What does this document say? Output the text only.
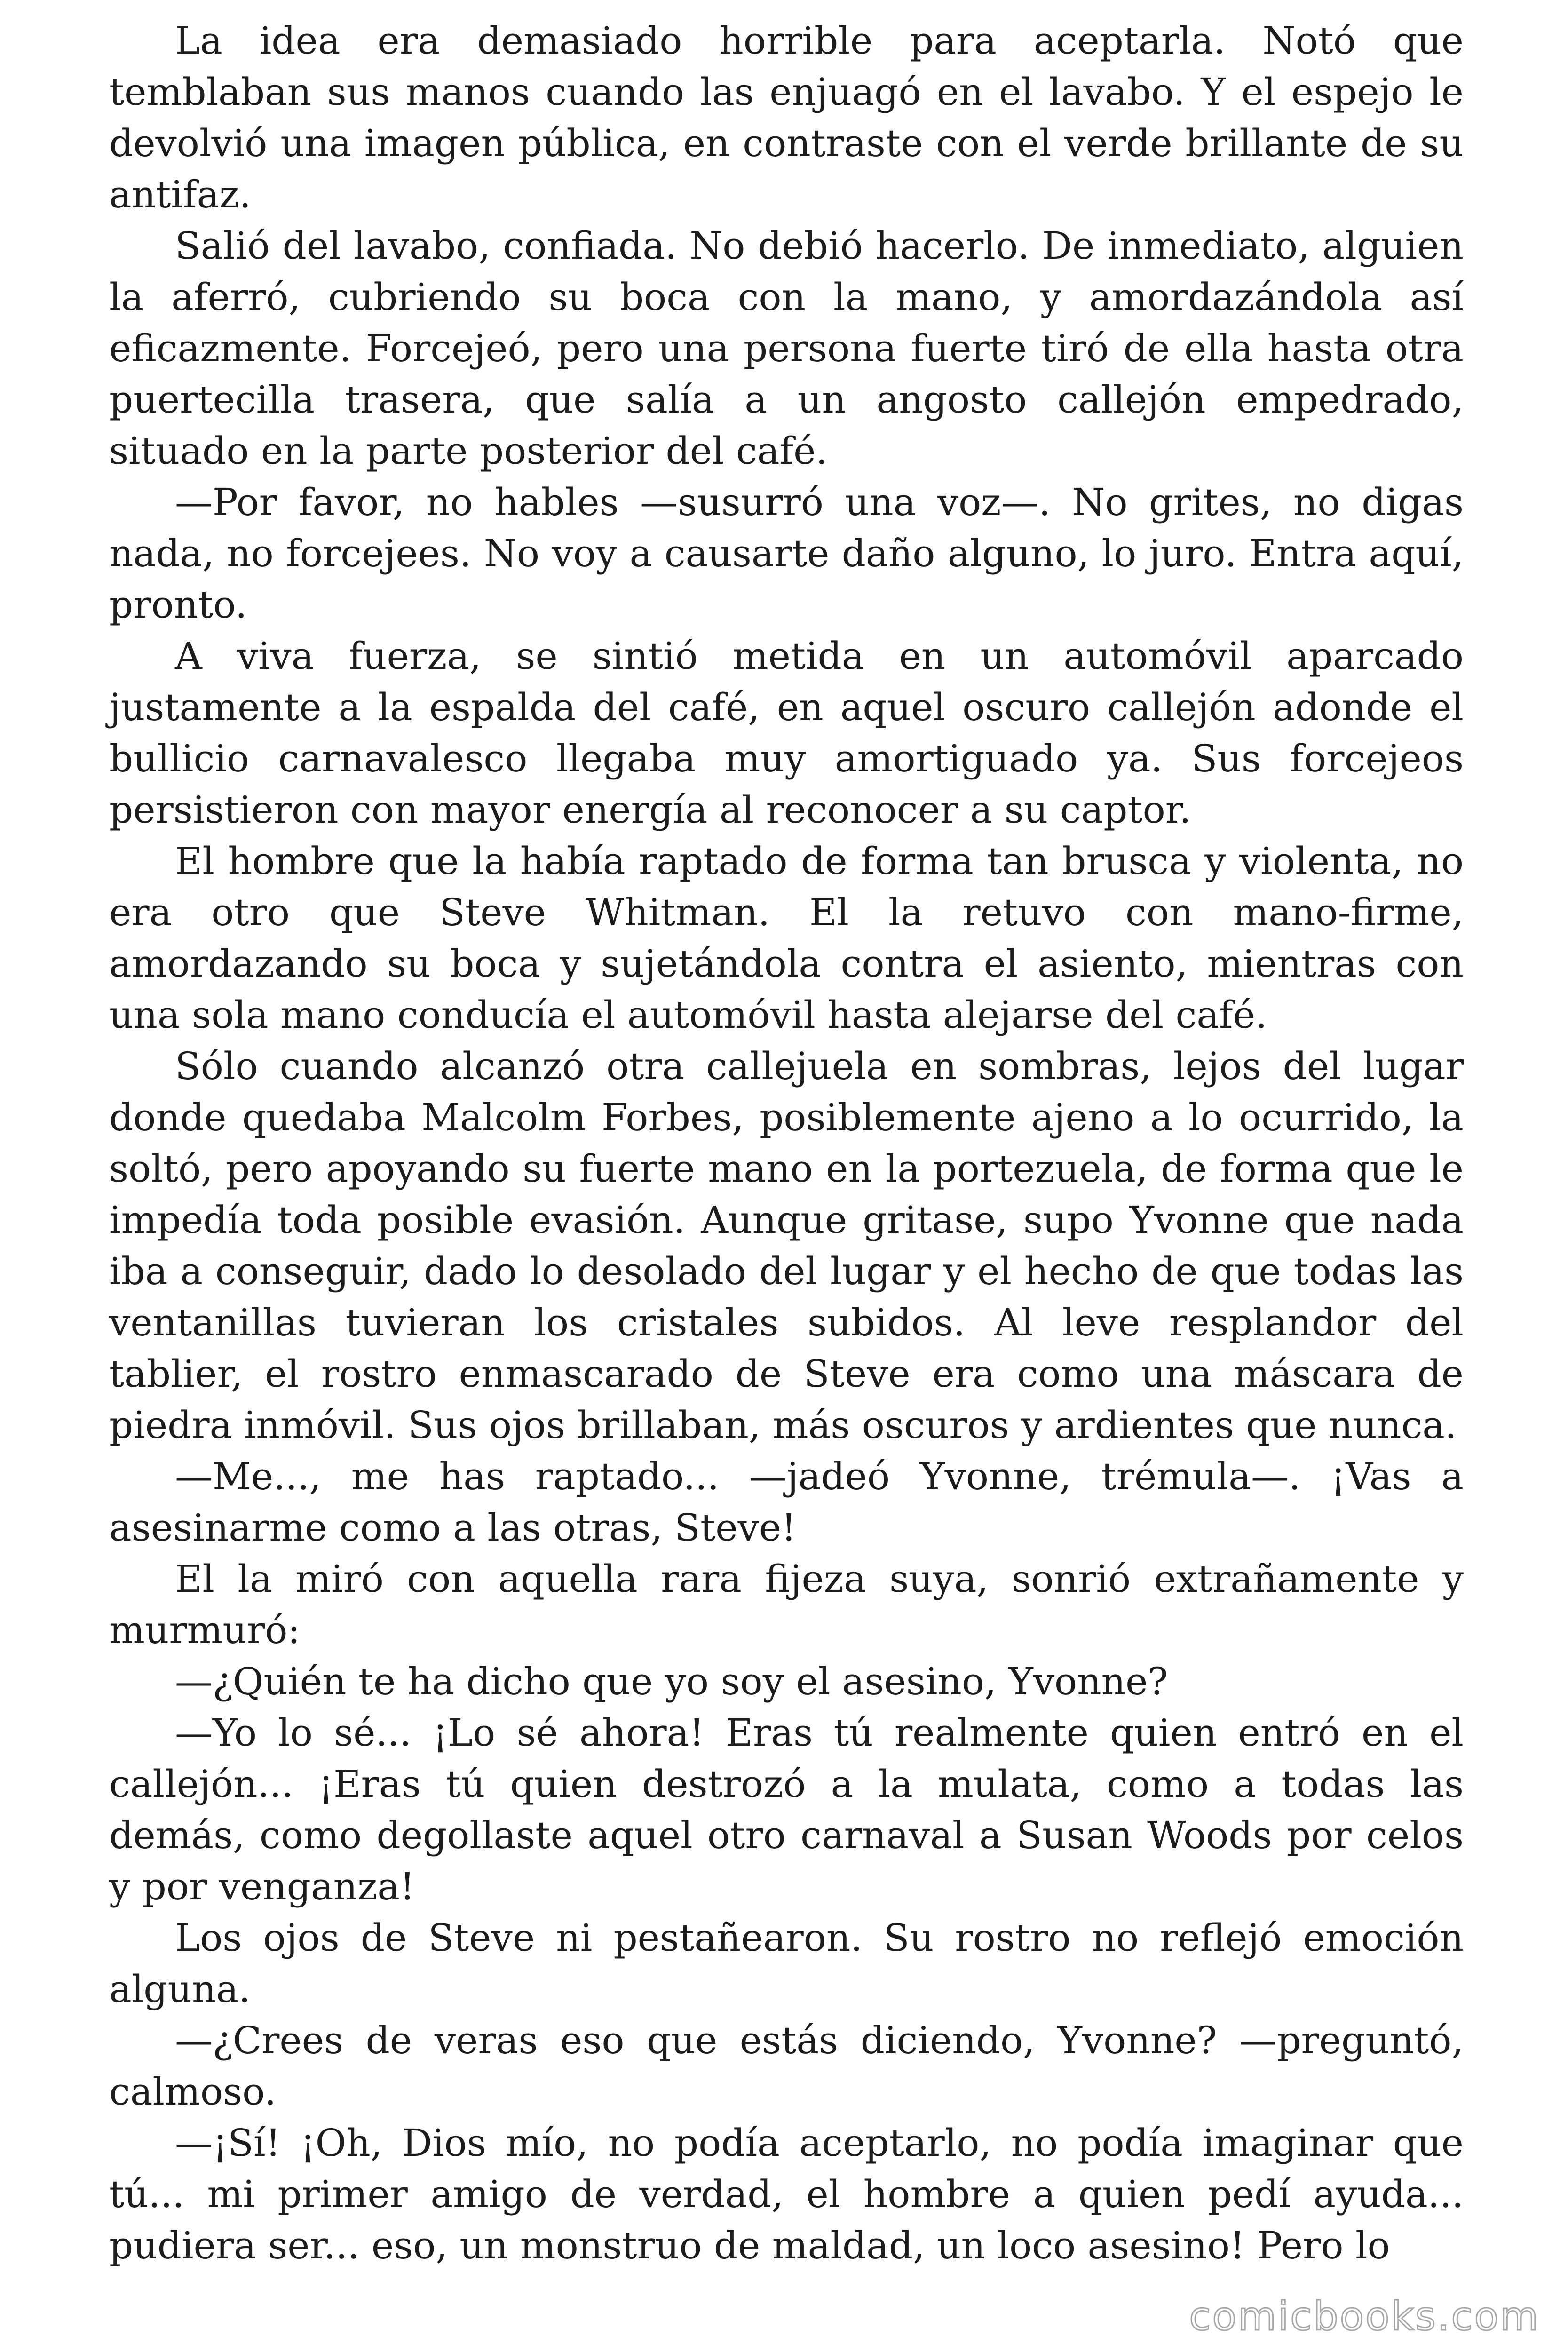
La idea era demasiado horrible para aceptarla. Notó que temblaban sus manos cuando las enjuagó en el lavabo. Y el espejo le devolvió una imagen pública, en contraste con el verde brillante de su antifaz.

Salió del lavabo, confiada. No debió hacerlo. De inmediato, alguien la aferró, cubriendo su boca con la mano, y amordazándola así eficazmente. Forcejeó, pero una persona fuerte tiró de ella hasta otra puertecilla trasera, que salía a un angosto callejón empedrado, situado en la parte posterior del café.

—Por favor, no hables —susurró una voz—. No grites, no digas nada, no forcejees. No voy a causarte daño alguno, lo juro. Entra aquí, pronto.

A viva fuerza, se sintió metida en un automóvil aparcado justamente a la espalda del café, en aquel oscuro callejón adonde el bullicio carnavalesco llegaba muy amortiguado ya. Sus forcejeos persistieron con mayor energía al reconocer a su captor.

El hombre que la había raptado de forma tan brusca y violenta, no era otro que Steve Whitman. El la retuvo con mano-firme, amordazando su boca y sujetándola contra el asiento, mientras con una sola mano conducía el automóvil hasta alejarse del café.

Sólo cuando alcanzó otra callejuela en sombras, lejos del lugar donde quedaba Malcolm Forbes, posiblemente ajeno a lo ocurrido, la soltó, pero apoyando su fuerte mano en la portezuela, de forma que le impedía toda posible evasión. Aunque gritase, supo Yvonne que nada iba a conseguir, dado lo desolado del lugar y el hecho de que todas las ventanillas tuvieran los cristales subidos. Al leve resplandor del tablier, el rostro enmascarado de Steve era como una máscara de piedra inmóvil. Sus ojos brillaban, más oscuros y ardientes que nunca.

—Me..., me has raptado... —jadeó Yvonne, trémula—. ¡Vas a asesinarme como a las otras, Steve!

El la miró con aquella rara fijeza suya, sonrió extrañamente y murmuró:

—¿Quién te ha dicho que yo soy el asesino, Yvonne?

—Yo lo sé... ¡Lo sé ahora! Eras tú realmente quien entró en el callejón... ¡Eras tú quien destrozó a la mulata, como a todas las demás, como degollaste aquel otro carnaval a Susan Woods por celos y por venganza!

Los ojos de Steve ni pestañearon. Su rostro no reflejó emoción alguna.

—¿Crees de veras eso que estás diciendo, Yvonne? —preguntó, calmoso.

—¡Sí! ¡Oh, Dios mío, no podía aceptarlo, no podía imaginar que tú... mi primer amigo de verdad, el hombre a quien pedí ayuda... pudiera ser... eso, un monstruo de maldad, un loco asesino! Pero lo

comicbooks.com
